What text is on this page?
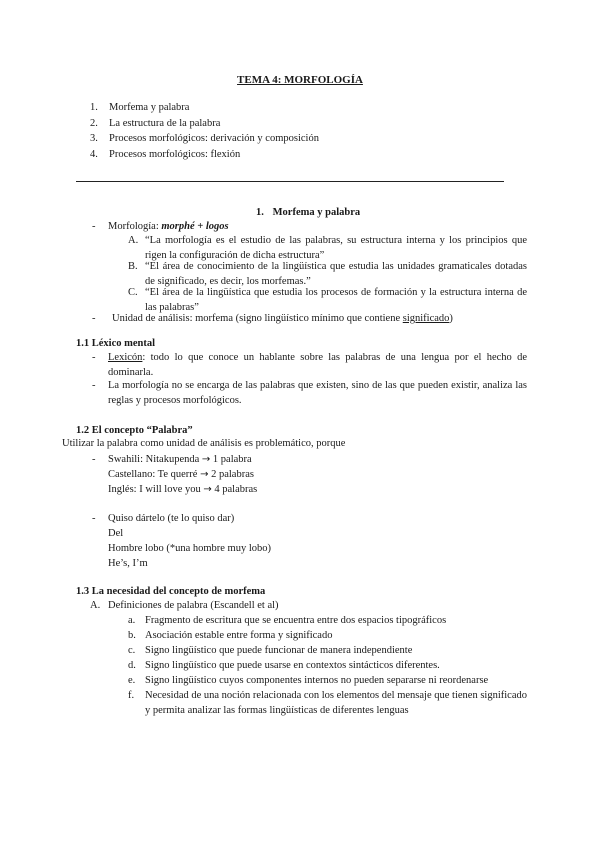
TEMA 4: MORFOLOGÍA
1. Morfema y palabra
2. La estructura de la palabra
3. Procesos morfológicos: derivación y composición
4. Procesos morfológicos: flexión
1. Morfema y palabra
- Morfología: morphé + logos
A. “La morfología es el estudio de las palabras, su estructura interna y los principios que rigen la configuración de dicha estructura”
B. “El área de conocimiento de la lingüística que estudia las unidades gramaticales dotadas de significado, es decir, los morfemas.”
C. “El área de la lingüística que estudia los procesos de formación y la estructura interna de las palabras”
- Unidad de análisis: morfema (signo lingüístico mínimo que contiene significado)
1.1 Léxico mental
- Lexicón: todo lo que conoce un hablante sobre las palabras de una lengua por el hecho de dominarla.
- La morfología no se encarga de las palabras que existen, sino de las que pueden existir, analiza las reglas y procesos morfológicos.
1.2 El concepto “Palabra”
Utilizar la palabra como unidad de análisis es problemático, porque
- Swahili: Nitakupenda → 1 palabra
Castellano: Te querré → 2 palabras
Inglés: I will love you → 4 palabras
- Quiso dártelo (te lo quiso dar)
Del
Hombre lobo (*una hombre muy lobo)
He’s, I’m
1.3 La necesidad del concepto de morfema
A. Definiciones de palabra (Escandell et al)
a. Fragmento de escritura que se encuentra entre dos espacios tipográficos
b. Asociación estable entre forma y significado
c. Signo lingüístico que puede funcionar de manera independiente
d. Signo lingüístico que puede usarse en contextos sintácticos diferentes.
e. Signo lingüístico cuyos componentes internos no pueden separarse ni reordenarse
f. Necesidad de una noción relacionada con los elementos del mensaje que tienen significado y permita analizar las formas lingüísticas de diferentes lenguas
